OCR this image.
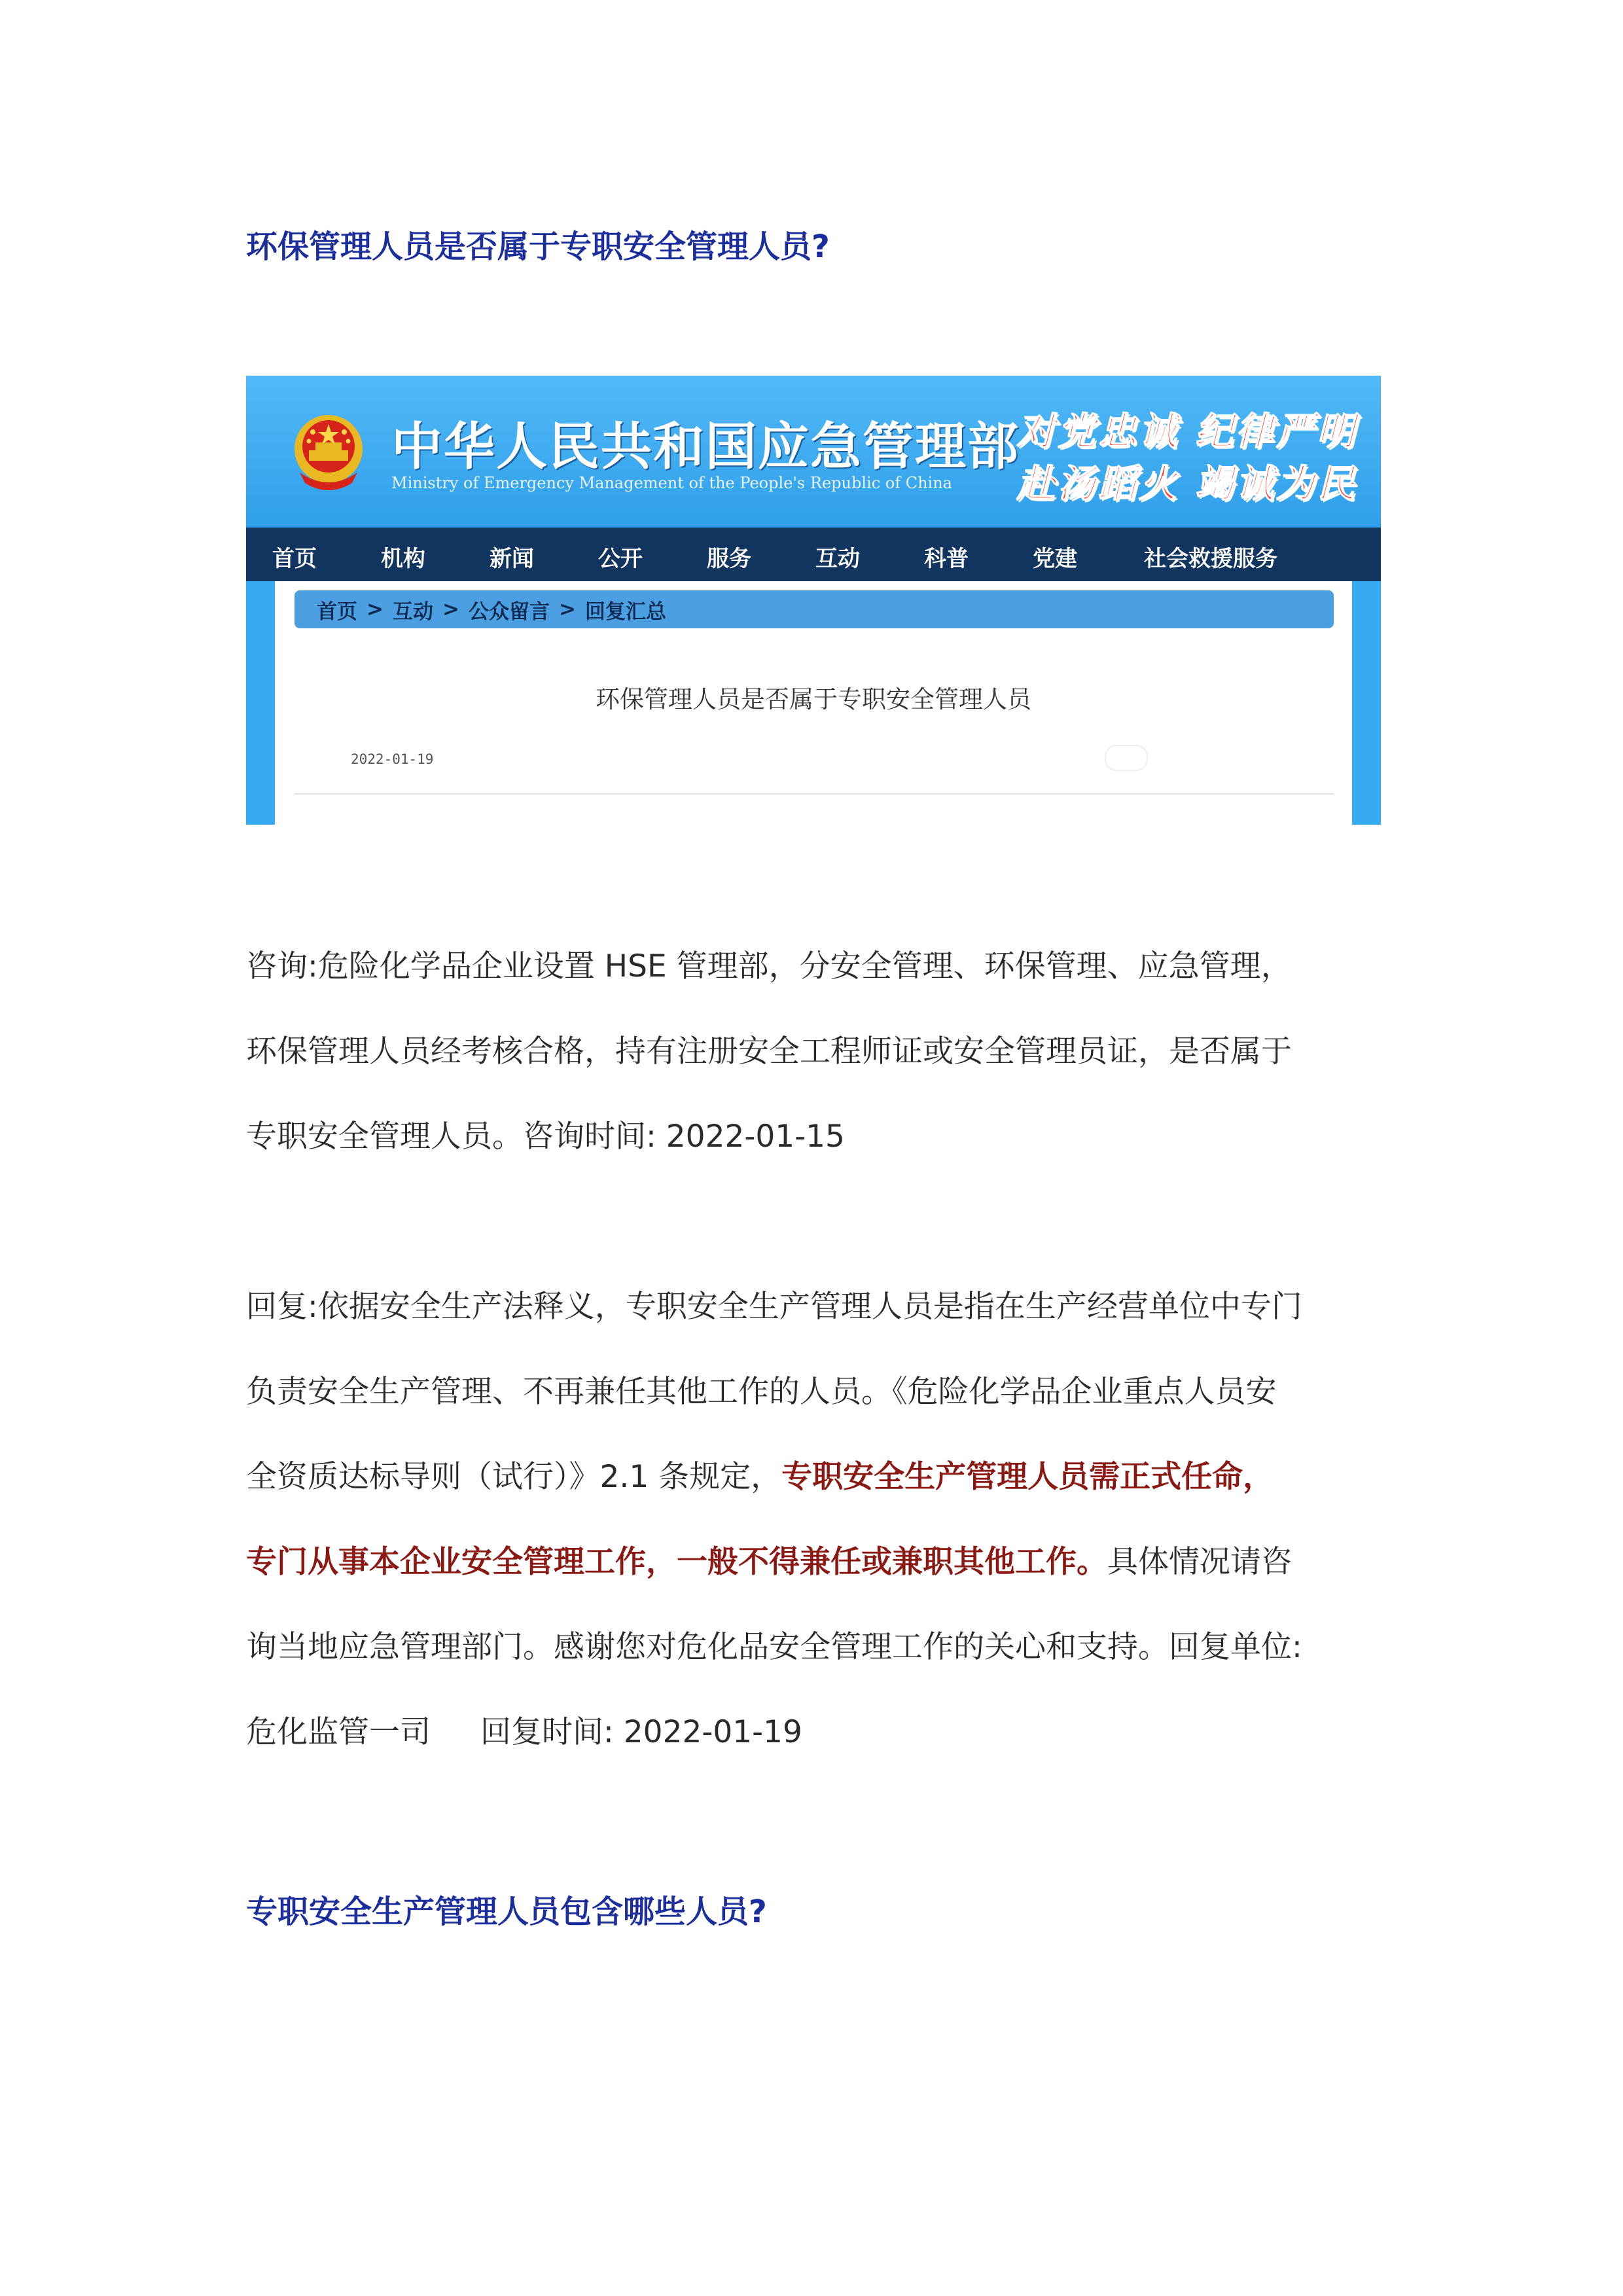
环保管理人员是否属于专职安全管理人员?
中华人民共和国应急管理部
Ministry of Emergency Management of the People's Republic of China
对党忠诚 纪律严明
赴汤蹈火 竭诚为民
首页	机构	新闻	公开	服务	互动	科普	党建	社会救援服务
首页 > 互动 > 公众留言 > 回复汇总
环保管理人员是否属于专职安全管理人员
2022-01-19

咨询:危险化学品企业设置 HSE 管理部，分安全管理、环保管理、应急管理，
环保管理人员经考核合格，持有注册安全工程师证或安全管理员证，是否属于
专职安全管理人员。咨询时间: 2022-01-15

回复:依据安全生产法释义，专职安全生产管理人员是指在生产经营单位中专门
负责安全生产管理、不再兼任其他工作的人员。《危险化学品企业重点人员安
全资质达标导则（试行）》2.1 条规定，专职安全生产管理人员需正式任命，
专门从事本企业安全管理工作，一般不得兼任或兼职其他工作。具体情况请咨
询当地应急管理部门。感谢您对危化品安全管理工作的关心和支持。回复单位:
危化监管一司 回复时间: 2022-01-19

专职安全生产管理人员包含哪些人员?
